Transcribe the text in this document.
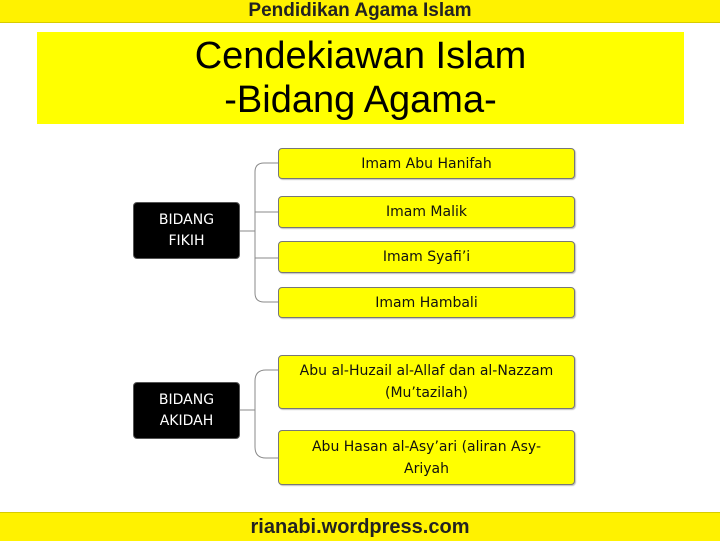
Pendidikan Agama Islam
Cendekiawan Islam
-Bidang Agama-
BIDANG
FIKIH
Imam Abu Hanifah
Imam Malik
Imam Syafi’i
Imam Hambali
BIDANG
AKIDAH
Abu al-Huzail al-Allaf dan al-Nazzam (Mu’tazilah)
Abu Hasan al-Asy’ari (aliran Asy-Ariyah
rianabi.wordpress.com
